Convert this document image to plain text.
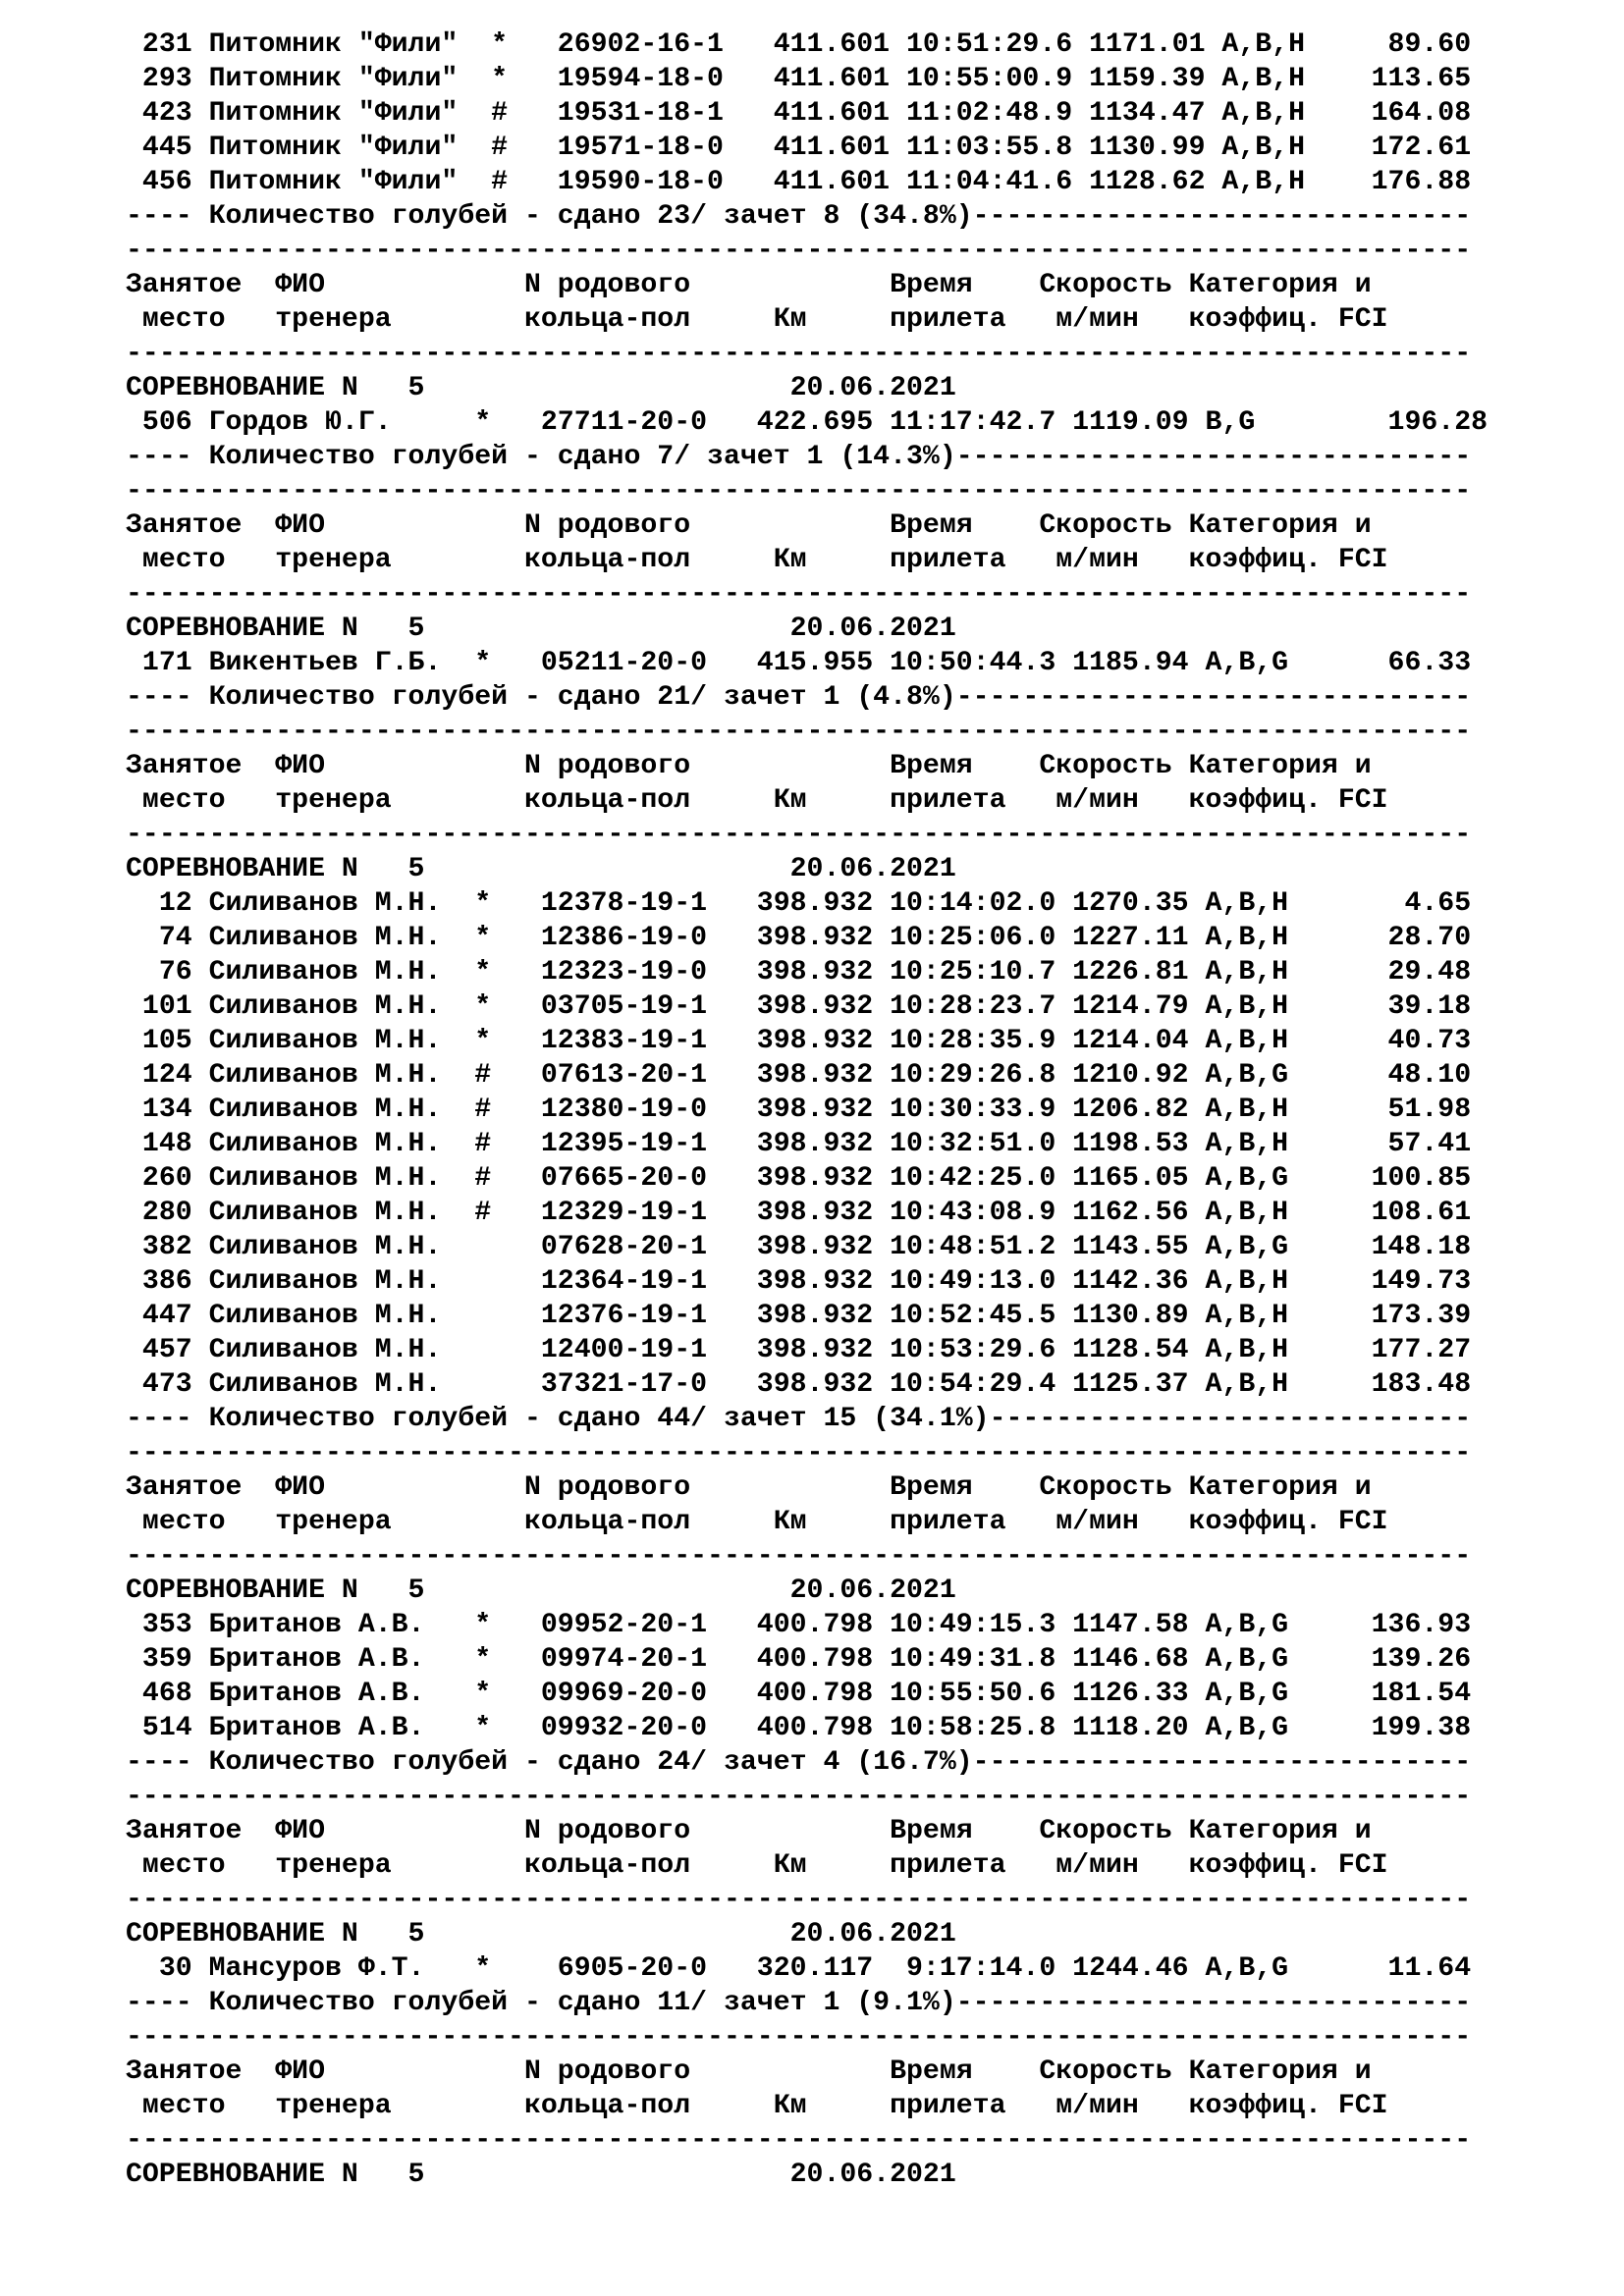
231 Питомник "Фили"  *   26902-16-1   411.601 10:51:29.6 1171.01 A,B,H     89.60
293 Питомник "Фили"  *   19594-18-0   411.601 10:55:00.9 1159.39 A,B,H    113.65
423 Питомник "Фили"  #   19531-18-1   411.601 11:02:48.9 1134.47 A,B,H    164.08
445 Питомник "Фили"  #   19571-18-0   411.601 11:03:55.8 1130.99 A,B,H    172.61
456 Питомник "Фили"  #   19590-18-0   411.601 11:04:41.6 1128.62 A,B,H    176.88
---- Количество голубей - сдано 23/ зачет 8 (34.8%)------------------------------
---------------------------------------------------------------------------------
Занятое  ФИО            N родового            Время    Скорость Категория и
место   тренера        кольца-пол     Км     прилета   м/мин   коэффиц. FCI
---------------------------------------------------------------------------------
СОРЕВНОВАНИЕ N   5                      20.06.2021
506 Гордов Ю.Г.     *   27711-20-0   422.695 11:17:42.7 1119.09 B,G        196.28
---- Количество голубей - сдано 7/ зачет 1 (14.3%)-------------------------------
---------------------------------------------------------------------------------
Занятое  ФИО            N родового            Время    Скорость Категория и
место   тренера        кольца-пол     Км     прилета   м/мин   коэффиц. FCI
---------------------------------------------------------------------------------
СОРЕВНОВАНИЕ N   5                      20.06.2021
171 Викентьев Г.Б.  *   05211-20-0   415.955 10:50:44.3 1185.94 A,B,G      66.33
---- Количество голубей - сдано 21/ зачет 1 (4.8%)-------------------------------
---------------------------------------------------------------------------------
Занятое  ФИО            N родового            Время    Скорость Категория и
место   тренера        кольца-пол     Км     прилета   м/мин   коэффиц. FCI
---------------------------------------------------------------------------------
СОРЕВНОВАНИЕ N   5                      20.06.2021
12 Силиванов М.Н.  *   12378-19-1   398.932 10:14:02.0 1270.35 A,B,H       4.65
74 Силиванов М.Н.  *   12386-19-0   398.932 10:25:06.0 1227.11 A,B,H      28.70
76 Силиванов М.Н.  *   12323-19-0   398.932 10:25:10.7 1226.81 A,B,H      29.48
101 Силиванов М.Н.  *   03705-19-1   398.932 10:28:23.7 1214.79 A,B,H      39.18
105 Силиванов М.Н.  *   12383-19-1   398.932 10:28:35.9 1214.04 A,B,H      40.73
124 Силиванов М.Н.  #   07613-20-1   398.932 10:29:26.8 1210.92 A,B,G      48.10
134 Силиванов М.Н.  #   12380-19-0   398.932 10:30:33.9 1206.82 A,B,H      51.98
148 Силиванов М.Н.  #   12395-19-1   398.932 10:32:51.0 1198.53 A,B,H      57.41
260 Силиванов М.Н.  #   07665-20-0   398.932 10:42:25.0 1165.05 A,B,G     100.85
280 Силиванов М.Н.  #   12329-19-1   398.932 10:43:08.9 1162.56 A,B,H     108.61
382 Силиванов М.Н.      07628-20-1   398.932 10:48:51.2 1143.55 A,B,G     148.18
386 Силиванов М.Н.      12364-19-1   398.932 10:49:13.0 1142.36 A,B,H     149.73
447 Силиванов М.Н.      12376-19-1   398.932 10:52:45.5 1130.89 A,B,H     173.39
457 Силиванов М.Н.      12400-19-1   398.932 10:53:29.6 1128.54 A,B,H     177.27
473 Силиванов М.Н.      37321-17-0   398.932 10:54:29.4 1125.37 A,B,H     183.48
---- Количество голубей - сдано 44/ зачет 15 (34.1%)-----------------------------
---------------------------------------------------------------------------------
Занятое  ФИО            N родового            Время    Скорость Категория и
место   тренера        кольца-пол     Км     прилета   м/мин   коэффиц. FCI
---------------------------------------------------------------------------------
СОРЕВНОВАНИЕ N   5                      20.06.2021
353 Британов А.В.   *   09952-20-1   400.798 10:49:15.3 1147.58 A,B,G     136.93
359 Британов А.В.   *   09974-20-1   400.798 10:49:31.8 1146.68 A,B,G     139.26
468 Британов А.В.   *   09969-20-0   400.798 10:55:50.6 1126.33 A,B,G     181.54
514 Британов А.В.   *   09932-20-0   400.798 10:58:25.8 1118.20 A,B,G     199.38
---- Количество голубей - сдано 24/ зачет 4 (16.7%)------------------------------
---------------------------------------------------------------------------------
Занятое  ФИО            N родового            Время    Скорость Категория и
место   тренера        кольца-пол     Км     прилета   м/мин   коэффиц. FCI
---------------------------------------------------------------------------------
СОРЕВНОВАНИЕ N   5                      20.06.2021
30 Мансуров Ф.Т.   *    6905-20-0   320.117  9:17:14.0 1244.46 A,B,G      11.64
---- Количество голубей - сдано 11/ зачет 1 (9.1%)-------------------------------
---------------------------------------------------------------------------------
Занятое  ФИО            N родового            Время    Скорость Категория и
место   тренера        кольца-пол     Км     прилета   м/мин   коэффиц. FCI
---------------------------------------------------------------------------------
СОРЕВНОВАНИЕ N   5                      20.06.2021
